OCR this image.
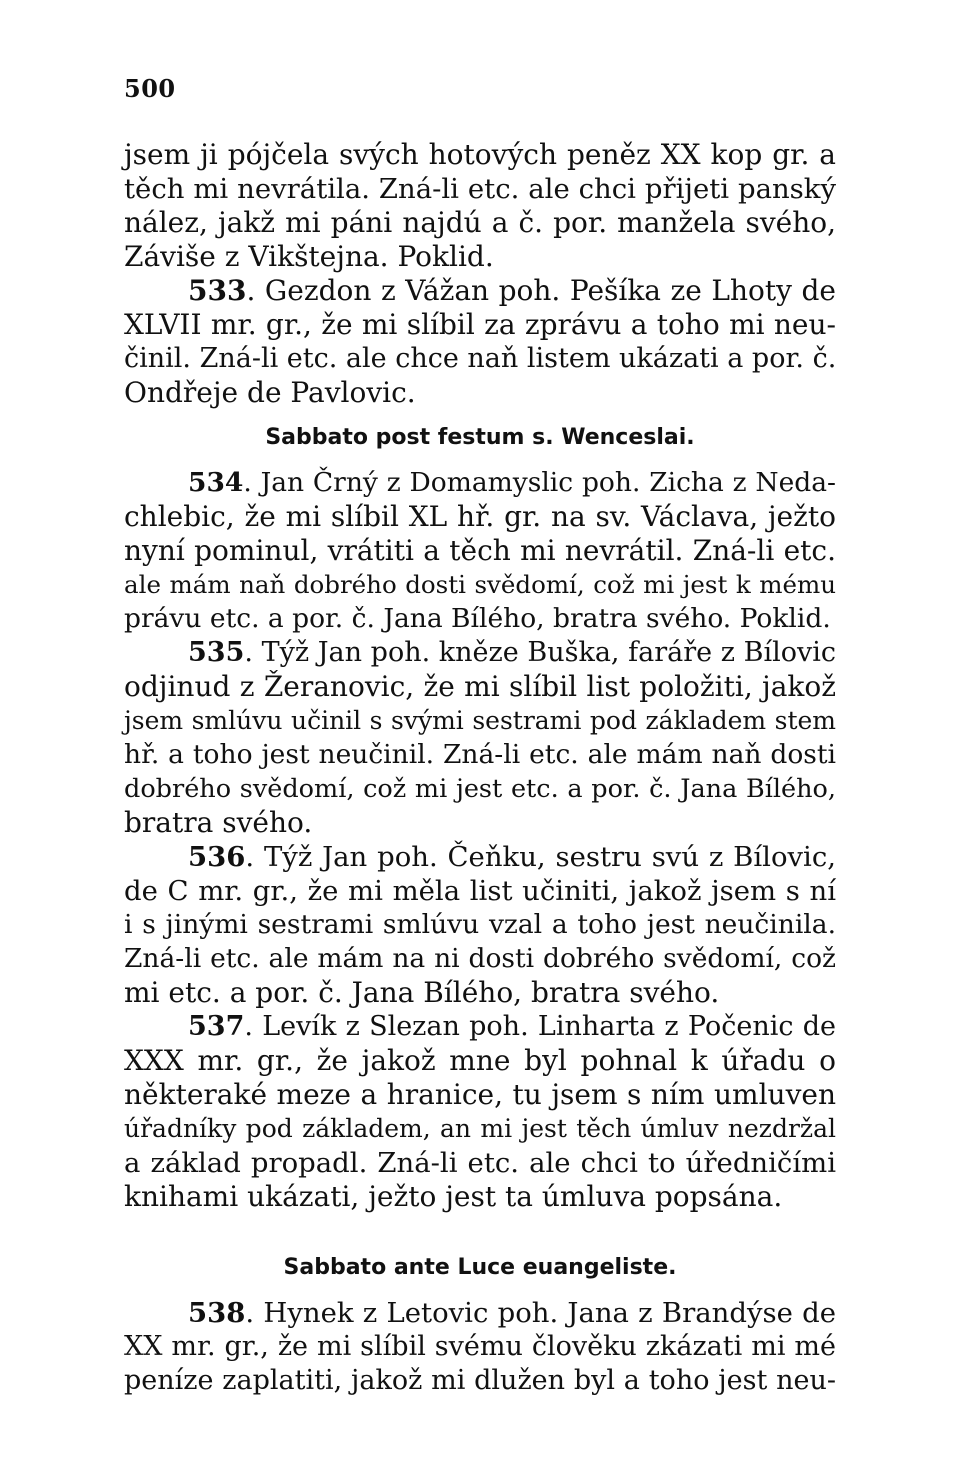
500
jsem ji pójčela svých hotových peněz XX kop gr. a
těch mi nevrátila. Zná-li etc. ale chci přijeti panský
nález, jakž mi páni najdú a č. por. manžela svého,
Záviše z Vikštejna. Poklid.
533. Gezdon z Vážan poh. Pešíka ze Lhoty de
XLVII mr. gr., že mi slíbil za zprávu a toho mi neu-
činil. Zná-li etc. ale chce naň listem ukázati a por. č.
Ondřeje de Pavlovic.
Sabbato post festum s. Wenceslai.
534. Jan Črný z Domamyslic poh. Zicha z Neda-
chlebic, že mi slíbil XL hř. gr. na sv. Václava, ježto
nyní pominul, vrátiti a těch mi nevrátil. Zná-li etc.
ale mám naň dobrého dosti svědomí, což mi jest k mému
právu etc. a por. č. Jana Bílého, bratra svého. Poklid.
535. Týž Jan poh. kněze Buška, faráře z Bílovic
odjinud z Žeranovic, že mi slíbil list položiti, jakož
jsem smlúvu učinil s svými sestrami pod základem stem
hř. a toho jest neučinil. Zná-li etc. ale mám naň dosti
dobrého svědomí, což mi jest etc. a por. č. Jana Bílého,
bratra svého.
536. Týž Jan poh. Čeňku, sestru svú z Bílovic,
de C mr. gr., že mi měla list učiniti, jakož jsem s ní
i s jinými sestrami smlúvu vzal a toho jest neučinila.
Zná-li etc. ale mám na ni dosti dobrého svědomí, což
mi etc. a por. č. Jana Bílého, bratra svého.
537. Levík z Slezan poh. Linharta z Počenic de
XXX mr. gr., že jakož mne byl pohnal k úřadu o
některaké meze a hranice, tu jsem s ním umluven
úřadníky pod základem, an mi jest těch úmluv nezdržal
a základ propadl. Zná-li etc. ale chci to úředničími
knihami ukázati, ježto jest ta úmluva popsána.
Sabbato ante Luce euangeliste.
538. Hynek z Letovic poh. Jana z Brandýse de
XX mr. gr., že mi slíbil svému člověku zkázati mi mé
peníze zaplatiti, jakož mi dlužen byl a toho jest neu-
